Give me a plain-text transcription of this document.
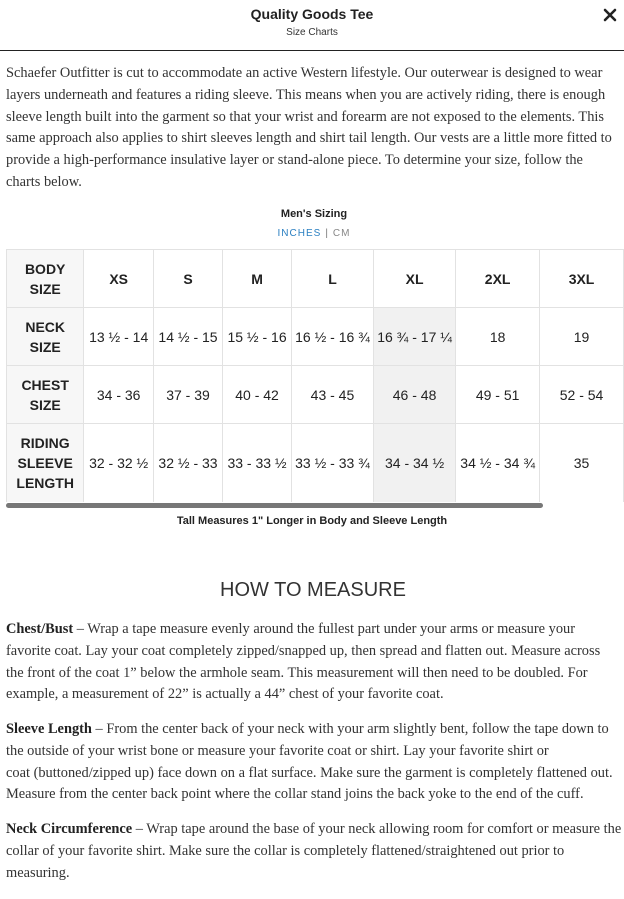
Quality Goods Tee
Size Charts

Schaefer Outfitter is cut to accommodate an active Western lifestyle. Our outerwear is designed to wear
layers underneath and features a riding sleeve. This means when you are actively riding, there is enough
sleeve length built into the garment so that your wrist and forearm are not exposed to the elements. This
same approach also applies to shirt sleeves length and shirt tail length. Our vests are a little more fitted to
provide a high-performance insulative layer or stand-alone piece. To determine your size, follow the
charts below.

Men's Sizing
INCHES | CM
BODY
SIZE	XS	S	M	L	XL	2XL	3XL
NECK
SIZE	13 ½ - 14	14 ½ - 15	15 ½ - 16	16 ½ - 16 ¾	16 ¾ - 17 ¼	18	19
CHEST
SIZE	34 - 36	37 - 39	40 - 42	43 - 45	46 - 48	49 - 51	52 - 54
RIDING
SLEEVE
LENGTH	32 - 32 ½	32 ½ - 33	33 - 33 ½	33 ½ - 33 ¾	34 - 34 ½	34 ½ - 34 ¾	35
Tall Measures 1" Longer in Body and Sleeve Length
HOW TO MEASURE

Chest/Bust – Wrap a tape measure evenly around the fullest part under your arms or measure your
favorite coat. Lay your coat completely zipped/snapped up, then spread and flatten out. Measure across
the front of the coat 1” below the armhole seam. This measurement will then need to be doubled. For
example, a measurement of 22” is actually a 44” chest of your favorite coat.

Sleeve Length – From the center back of your neck with your arm slightly bent, follow the tape down to
the outside of your wrist bone or measure your favorite coat or shirt. Lay your favorite shirt or
coat (buttoned/zipped up) face down on a flat surface. Make sure the garment is completely flattened out.
Measure from the center back point where the collar stand joins the back yoke to the end of the cuff.

Neck Circumference – Wrap tape around the base of your neck allowing room for comfort or measure the
collar of your favorite shirt. Make sure the collar is completely flattened/straightened out prior to
measuring.
